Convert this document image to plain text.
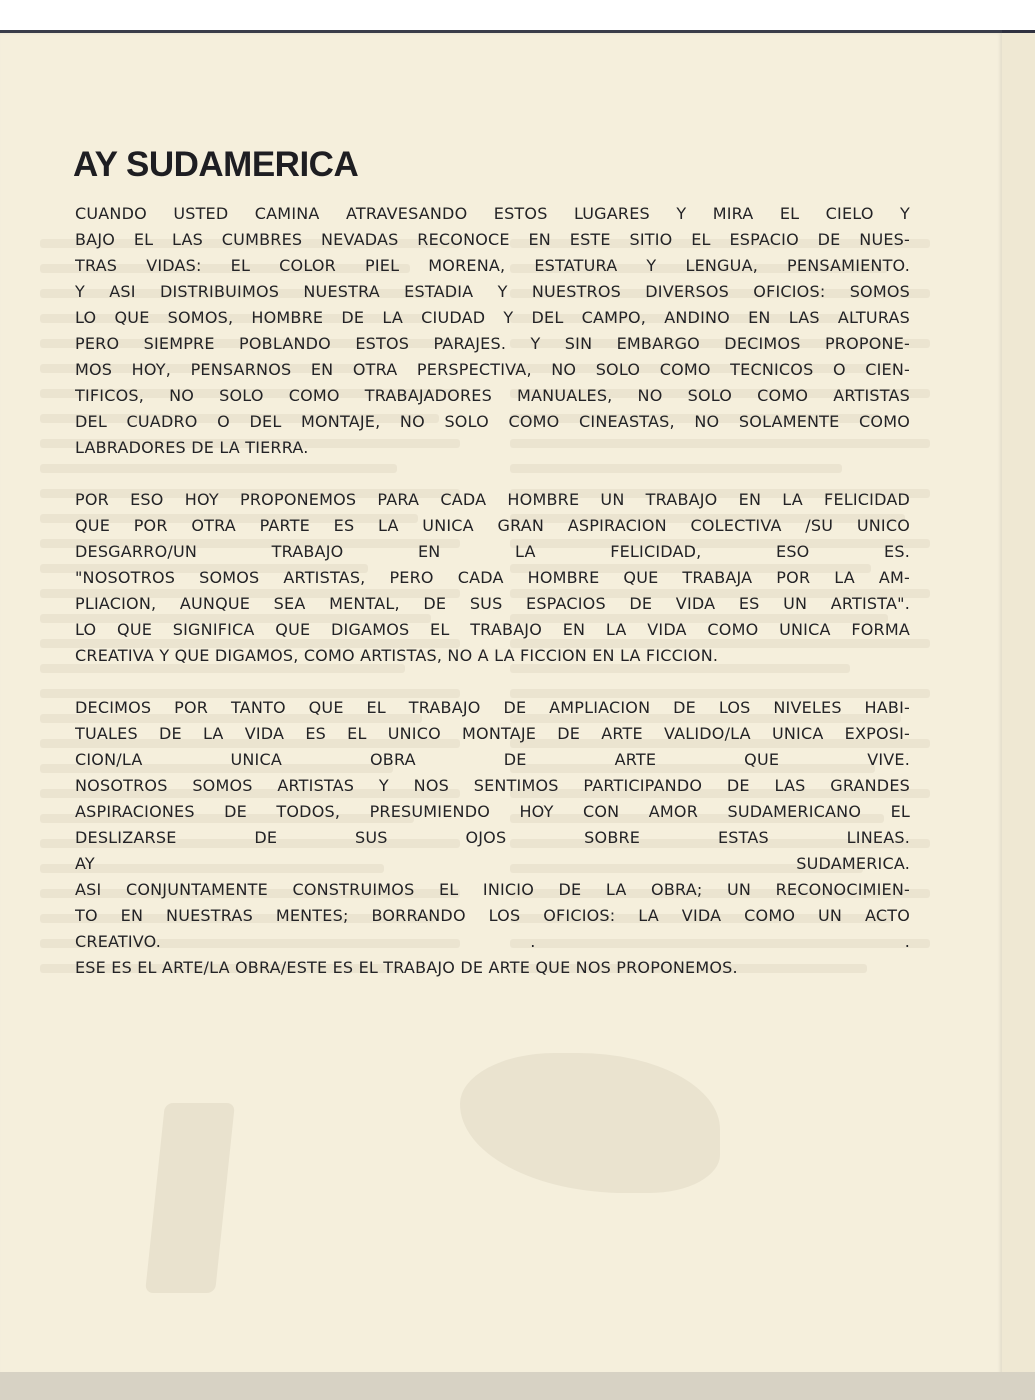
AY SUDAMERICA

CUANDO USTED CAMINA ATRAVESANDO ESTOS LUGARES Y MIRA EL CIELO Y
BAJO EL LAS CUMBRES NEVADAS RECONOCE EN ESTE SITIO EL ESPACIO DE NUES-
TRAS VIDAS: EL COLOR PIEL MORENA, ESTATURA Y LENGUA, PENSAMIENTO.
Y ASI DISTRIBUIMOS NUESTRA ESTADIA Y NUESTROS DIVERSOS OFICIOS: SOMOS
LO QUE SOMOS, HOMBRE DE LA CIUDAD Y DEL CAMPO, ANDINO EN LAS ALTURAS
PERO SIEMPRE POBLANDO ESTOS PARAJES. Y SIN EMBARGO DECIMOS PROPONE-
MOS HOY, PENSARNOS EN OTRA PERSPECTIVA, NO SOLO COMO TECNICOS O CIEN-
TIFICOS, NO SOLO COMO TRABAJADORES MANUALES, NO SOLO COMO ARTISTAS
DEL CUADRO O DEL MONTAJE, NO SOLO COMO CINEASTAS, NO SOLAMENTE COMO
LABRADORES DE LA TIERRA.

POR ESO HOY PROPONEMOS PARA CADA HOMBRE UN TRABAJO EN LA FELICIDAD
QUE POR OTRA PARTE ES LA UNICA GRAN ASPIRACION COLECTIVA /SU UNICO
DESGARRO/UN TRABAJO EN LA FELICIDAD, ESO ES.
"NOSOTROS SOMOS ARTISTAS, PERO CADA HOMBRE QUE TRABAJA POR LA AM-
PLIACION, AUNQUE SEA MENTAL, DE SUS ESPACIOS DE VIDA ES UN ARTISTA".
LO QUE SIGNIFICA QUE DIGAMOS EL TRABAJO EN LA VIDA COMO UNICA FORMA
CREATIVA Y QUE DIGAMOS, COMO ARTISTAS, NO A LA FICCION EN LA FICCION.

DECIMOS POR TANTO QUE EL TRABAJO DE AMPLIACION DE LOS NIVELES HABI-
TUALES DE LA VIDA ES EL UNICO MONTAJE DE ARTE VALIDO/LA UNICA EXPOSI-
CION/LA UNICA OBRA DE ARTE QUE VIVE.
NOSOTROS SOMOS ARTISTAS Y NOS SENTIMOS PARTICIPANDO DE LAS GRANDES
ASPIRACIONES DE TODOS, PRESUMIENDO HOY CON AMOR SUDAMERICANO EL
DESLIZARSE DE SUS OJOS SOBRE ESTAS LINEAS.
AY SUDAMERICA.
ASI CONJUNTAMENTE CONSTRUIMOS EL INICIO DE LA OBRA; UN RECONOCIMIEN-
TO EN NUESTRAS MENTES; BORRANDO LOS OFICIOS: LA VIDA COMO UN ACTO
CREATIVO. . .
ESE ES EL ARTE/LA OBRA/ESTE ES EL TRABAJO DE ARTE QUE NOS PROPONEMOS.
